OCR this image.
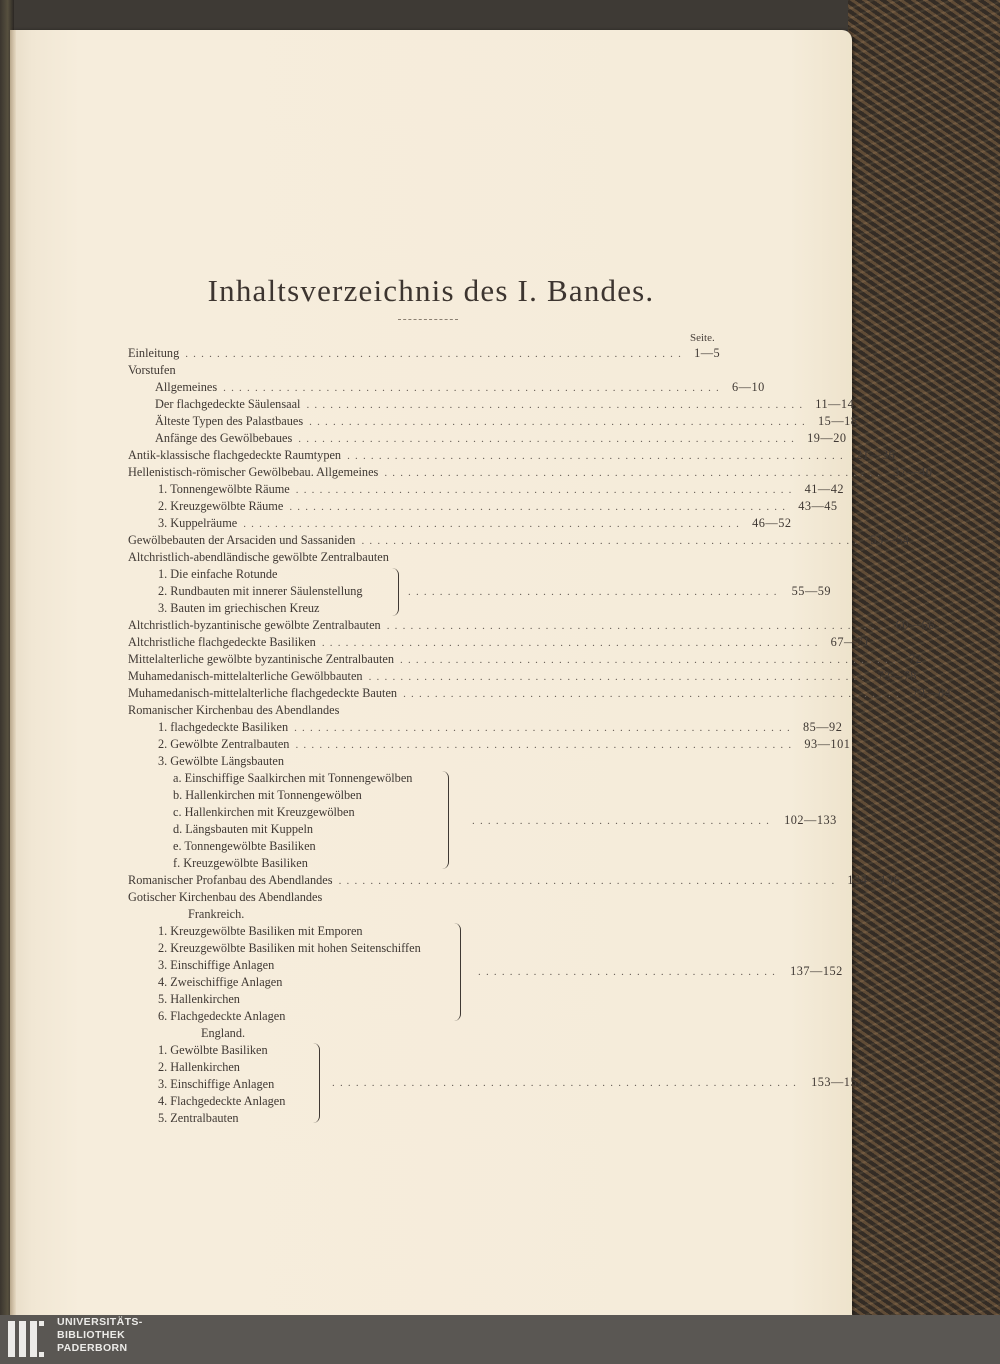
Inhaltsverzeichnis des I. Bandes.
Seite.
Einleitung ............................................................... 1—5
Vorstufen
Allgemeines ............................................................... 6—10
Der flachgedeckte Säulensaal ............................................................... 11—14
Älteste Typen des Palastbaues ............................................................... 15—18
Anfänge des Gewölbebaues ............................................................... 19—20
Antik-klassische flachgedeckte Raumtypen ............................................................... 21—36
Hellenistisch-römischer Gewölbebau. Allgemeines ............................................................... 37—40
1. Tonnengewölbte Räume ............................................................... 41—42
2. Kreuzgewölbte Räume ............................................................... 43—45
3. Kuppelräume ............................................................... 46—52
Gewölbebauten der Arsaciden und Sassaniden ............................................................... 53—54
Altchristlich-abendländische gewölbte Zentralbauten
1. Die einfache Rotunde
2. Rundbauten mit innerer Säulenstellung
3. Bauten im griechischen Kreuz
............................................... 55—59
Altchristlich-byzantinische gewölbte Zentralbauten ............................................................... 60—66
Altchristliche flachgedeckte Basiliken ............................................................... 67—71
Mittelalterliche gewölbte byzantinische Zentralbauten ............................................................... 72
Muhamedanisch-mittelalterliche Gewölbbauten ............................................................... 73—78
Muhamedanisch-mittelalterliche flachgedeckte Bauten ............................................................... 79—84
Romanischer Kirchenbau des Abendlandes
1. flachgedeckte Basiliken ............................................................... 85—92
2. Gewölbte Zentralbauten ............................................................... 93—101
3. Gewölbte Längsbauten
a. Einschiffige Saalkirchen mit Tonnengewölben
b. Hallenkirchen mit Tonnengewölben
c. Hallenkirchen mit Kreuzgewölben
d. Längsbauten mit Kuppeln
e. Tonnengewölbte Basiliken
f. Kreuzgewölbte Basiliken
...................................... 102—133
Romanischer Profanbau des Abendlandes ............................................................... 134—136
Gotischer Kirchenbau des Abendlandes
Frankreich.
1. Kreuzgewölbte Basiliken mit Emporen
2. Kreuzgewölbte Basiliken mit hohen Seitenschiffen
3. Einschiffige Anlagen
4. Zweischiffige Anlagen
5. Hallenkirchen
6. Flachgedeckte Anlagen
...................................... 137—152
England.
1. Gewölbte Basiliken
2. Hallenkirchen
3. Einschiffige Anlagen
4. Flachgedeckte Anlagen
5. Zentralbauten
........................................................... 153—157
UNIVERSITÄTS-
BIBLIOTHEK
PADERBORN
